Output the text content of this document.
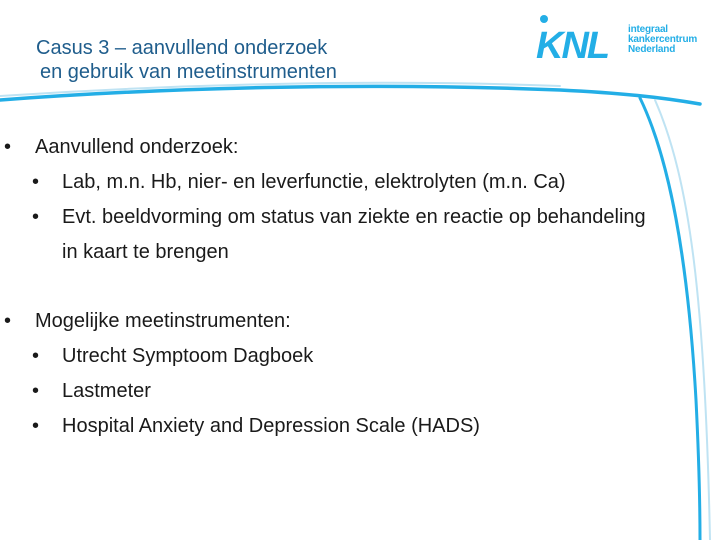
Casus 3 – aanvullend onderzoek
en gebruik van meetinstrumenten
KNL integraal
kankercentrum
Nederland
•	Aanvullend onderzoek:
•	Lab, m.n. Hb, nier- en leverfunctie, elektrolyten (m.n. Ca)
•	Evt. beeldvorming om status van ziekte en reactie op behandeling in kaart te brengen
•	Mogelijke meetinstrumenten:
•	Utrecht Symptoom Dagboek
•	Lastmeter
•	Hospital Anxiety and Depression Scale (HADS)
